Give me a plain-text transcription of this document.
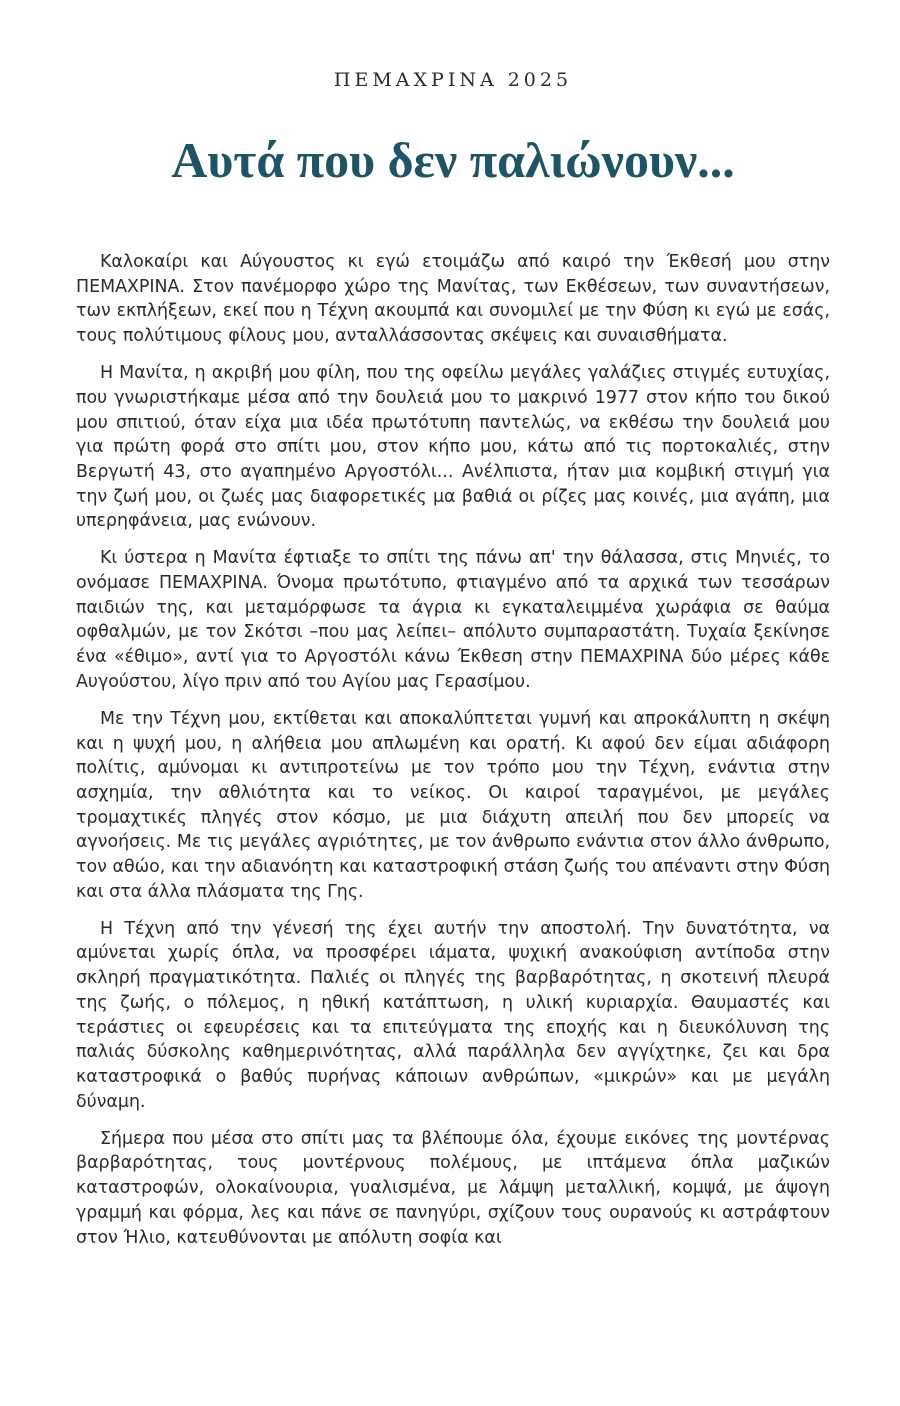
ΠΕΜΑΧΡΙΝΑ 2025
Αυτά που δεν παλιώνουν...

Καλοκαίρι και Αύγουστος κι εγώ ετοιμάζω από καιρό την Έκθεσή μου στην ΠΕΜΑΧΡΙΝΑ. Στον πανέμορφο χώρο της Μανίτας, των Εκθέσεων, των συναντήσεων, των εκπλήξεων, εκεί που η Τέχνη ακουμπά και συνομιλεί με την Φύση κι εγώ με εσάς, τους πολύτιμους φίλους μου, ανταλλάσσοντας σκέψεις και συναισθήματα.

Η Μανίτα, η ακριβή μου φίλη, που της οφείλω μεγάλες γαλάζιες στιγμές ευτυχίας, που γνωριστήκαμε μέσα από την δουλειά μου το μακρινό 1977 στον κήπο του δικού μου σπιτιού, όταν είχα μια ιδέα πρωτότυπη παντελώς, να εκθέσω την δουλειά μου για πρώτη φορά στο σπίτι μου, στον κήπο μου, κάτω από τις πορτοκαλιές, στην Βεργωτή 43, στο αγαπημένο Αργοστόλι... Ανέλπιστα, ήταν μια κομβική στιγμή για την ζωή μου, οι ζωές μας διαφορετικές μα βαθιά οι ρίζες μας κοινές, μια αγάπη, μια υπερηφάνεια, μας ενώνουν.

Κι ύστερα η Μανίτα έφτιαξε το σπίτι της πάνω απ' την θάλασσα, στις Μηνιές, το ονόμασε ΠΕΜΑΧΡΙΝΑ. Όνομα πρωτότυπο, φτιαγμένο από τα αρχικά των τεσσάρων παιδιών της, και μεταμόρφωσε τα άγρια κι εγκαταλειμμένα χωράφια σε θαύμα οφθαλμών, με τον Σκότσι –που μας λείπει– απόλυτο συμπαραστάτη. Τυχαία ξεκίνησε ένα «έθιμο», αντί για το Αργοστόλι κάνω Έκθεση στην ΠΕΜΑΧΡΙΝΑ δύο μέρες κάθε Αυγούστου, λίγο πριν από του Αγίου μας Γερασίμου.

Με την Τέχνη μου, εκτίθεται και αποκαλύπτεται γυμνή και απροκάλυπτη η σκέψη και η ψυχή μου, η αλήθεια μου απλωμένη και ορατή. Κι αφού δεν είμαι αδιάφορη πολίτις, αμύνομαι κι αντιπροτείνω με τον τρόπο μου την Τέχνη, ενάντια στην ασχημία, την αθλιότητα και το νείκος. Οι καιροί ταραγμένοι, με μεγάλες τρομαχτικές πληγές στον κόσμο, με μια διάχυτη απειλή που δεν μπορείς να αγνοήσεις. Με τις μεγάλες αγριότητες, με τον άνθρωπο ενάντια στον άλλο άνθρωπο, τον αθώο, και την αδιανόητη και καταστροφική στάση ζωής του απέναντι στην Φύση και στα άλλα πλάσματα της Γης.

Η Τέχνη από την γένεσή της έχει αυτήν την αποστολή. Την δυνατότητα, να αμύνεται χωρίς όπλα, να προσφέρει ιάματα, ψυχική ανακούφιση αντίποδα στην σκληρή πραγματικότητα. Παλιές οι πληγές της βαρβαρότητας, η σκοτεινή πλευρά της ζωής, ο πόλεμος, η ηθική κατάπτωση, η υλική κυριαρχία. Θαυμαστές και τεράστιες οι εφευρέσεις και τα επιτεύγματα της εποχής και η διευκόλυνση της παλιάς δύσκολης καθημερινότητας, αλλά παράλληλα δεν αγγίχτηκε, ζει και δρα καταστροφικά ο βαθύς πυρήνας κάποιων ανθρώπων, «μικρών» και με μεγάλη δύναμη.

Σήμερα που μέσα στο σπίτι μας τα βλέπουμε όλα, έχουμε εικόνες της μοντέρνας βαρβαρότητας, τους μοντέρνους πολέμους, με ιπτάμενα όπλα μαζικών καταστροφών, ολοκαίνουρια, γυαλισμένα, με λάμψη μεταλλική, κομψά, με άψογη γραμμή και φόρμα, λες και πάνε σε πανηγύρι, σχίζουν τους ουρανούς κι αστράφτουν στον Ήλιο, κατευθύνονται με απόλυτη σοφία και
